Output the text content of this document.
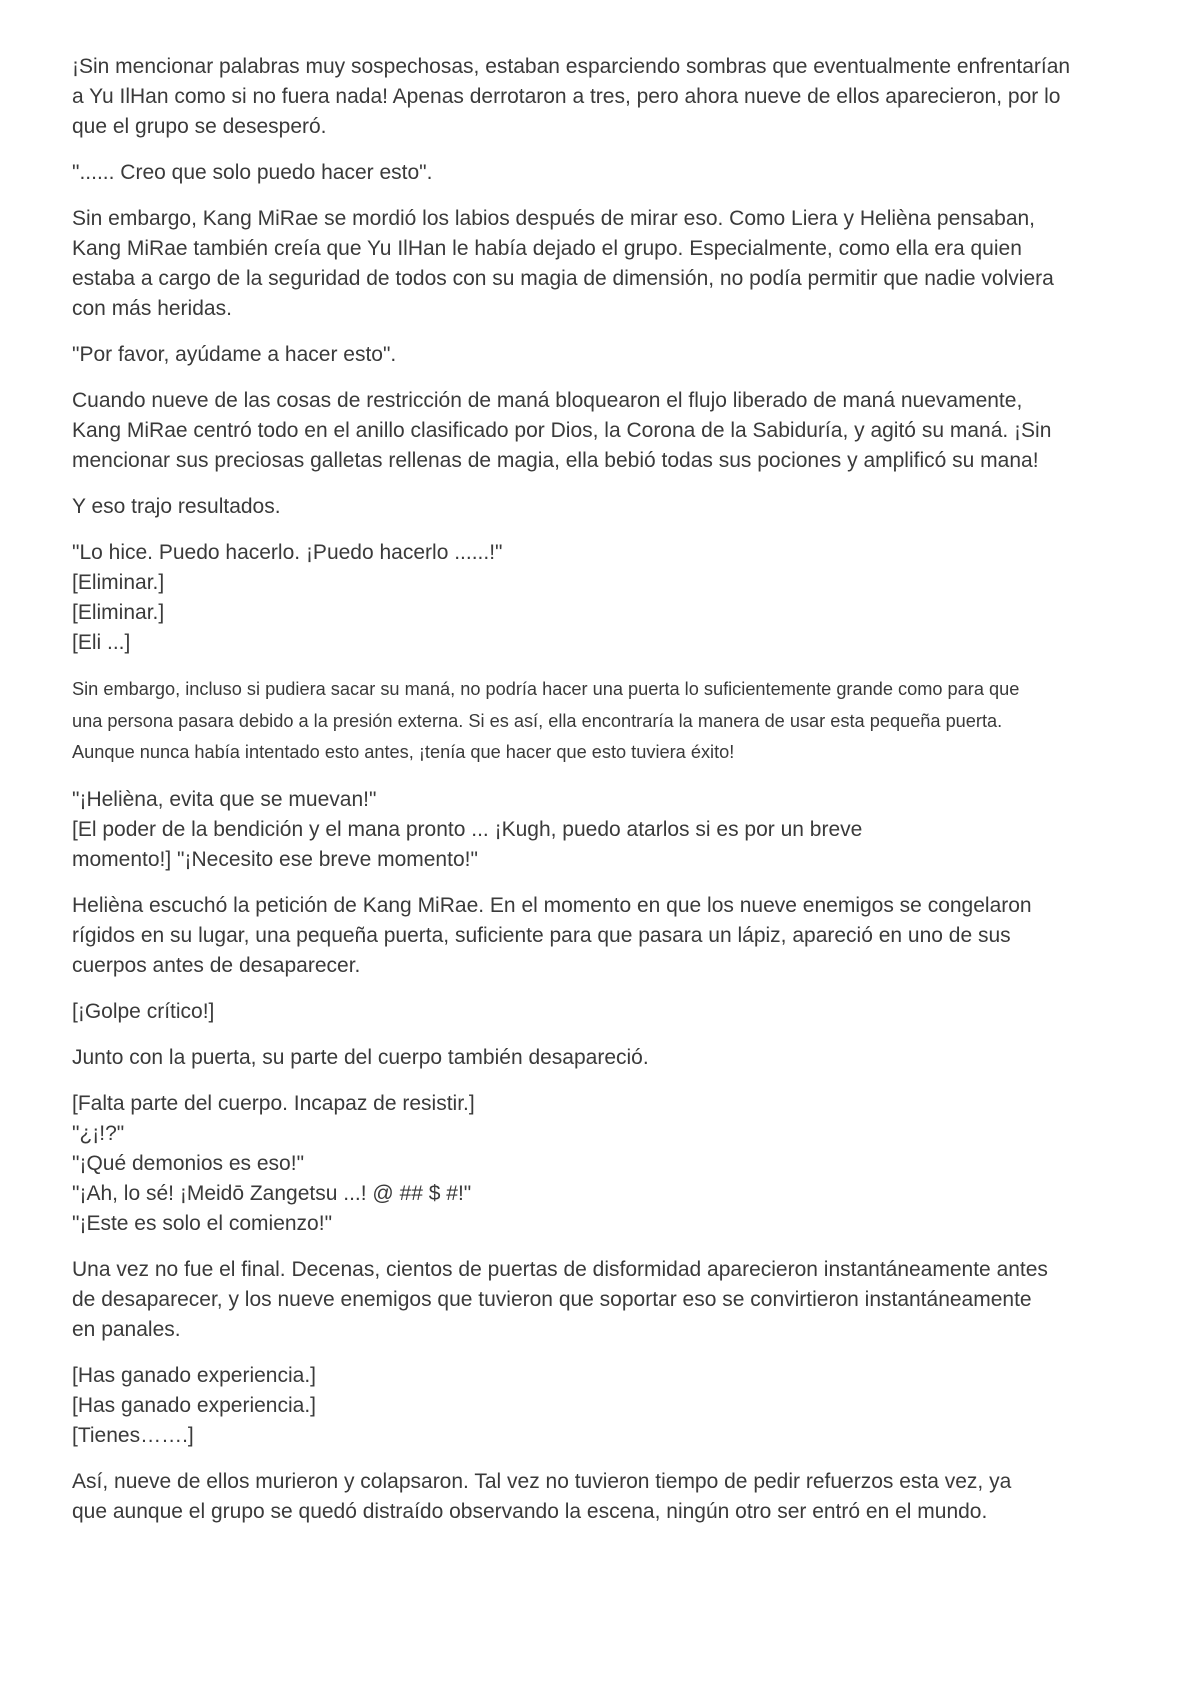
¡Sin mencionar palabras muy sospechosas, estaban esparciendo sombras que eventualmente enfrentarían
a Yu IlHan como si no fuera nada! Apenas derrotaron a tres, pero ahora nueve de ellos aparecieron, por lo
que el grupo se desesperó.

"...... Creo que solo puedo hacer esto".

Sin embargo, Kang MiRae se mordió los labios después de mirar eso. Como Liera y Helièna pensaban,
Kang MiRae también creía que Yu IlHan le había dejado el grupo. Especialmente, como ella era quien
estaba a cargo de la seguridad de todos con su magia de dimensión, no podía permitir que nadie volviera
con más heridas.

"Por favor, ayúdame a hacer esto".

Cuando nueve de las cosas de restricción de maná bloquearon el flujo liberado de maná nuevamente,
Kang MiRae centró todo en el anillo clasificado por Dios, la Corona de la Sabiduría, y agitó su maná. ¡Sin
mencionar sus preciosas galletas rellenas de magia, ella bebió todas sus pociones y amplificó su mana!

Y eso trajo resultados.

"Lo hice. Puedo hacerlo. ¡Puedo hacerlo ......!"
[Eliminar.]
[Eliminar.]
[Eli ...]

Sin embargo, incluso si pudiera sacar su maná, no podría hacer una puerta lo suficientemente grande como para que
una persona pasara debido a la presión externa. Si es así, ella encontraría la manera de usar esta pequeña puerta.
Aunque nunca había intentado esto antes, ¡tenía que hacer que esto tuviera éxito!

"¡Helièna, evita que se muevan!"
[El poder de la bendición y el mana pronto ... ¡Kugh, puedo atarlos si es por un breve
momento!] "¡Necesito ese breve momento!"

Helièna escuchó la petición de Kang MiRae. En el momento en que los nueve enemigos se congelaron
rígidos en su lugar, una pequeña puerta, suficiente para que pasara un lápiz, apareció en uno de sus
cuerpos antes de desaparecer.

[¡Golpe crítico!]

Junto con la puerta, su parte del cuerpo también desapareció.

[Falta parte del cuerpo. Incapaz de resistir.]
"¿¡!?"
"¡Qué demonios es eso!"
"¡Ah, lo sé! ¡Meidō Zangetsu ...! @ ## $ #!"
"¡Este es solo el comienzo!"

Una vez no fue el final. Decenas, cientos de puertas de disformidad aparecieron instantáneamente antes
de desaparecer, y los nueve enemigos que tuvieron que soportar eso se convirtieron instantáneamente
en panales.

[Has ganado experiencia.]
[Has ganado experiencia.]
[Tienes…….]

Así, nueve de ellos murieron y colapsaron. Tal vez no tuvieron tiempo de pedir refuerzos esta vez, ya
que aunque el grupo se quedó distraído observando la escena, ningún otro ser entró en el mundo.
